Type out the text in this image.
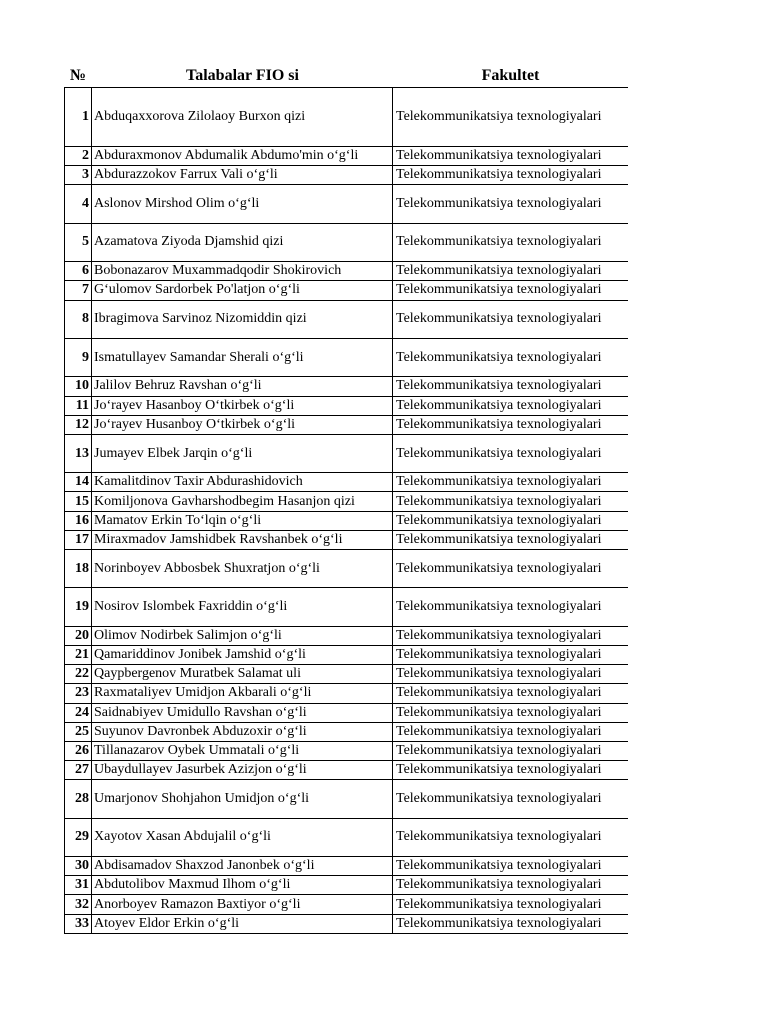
№	Talabalar FIO si	Fakultet
1 Abduqaxxorova Zilolaoy Burxon qizi	Telekommunikatsiya texnologiyalari
2 Abduraxmonov Abdumalik Abdumo'min o‘g‘li	Telekommunikatsiya texnologiyalari
3 Abdurazzokov Farrux Vali o‘g‘li	Telekommunikatsiya texnologiyalari
4 Aslonov Mirshod Olim o‘g‘li	Telekommunikatsiya texnologiyalari
5 Azamatova Ziyoda Djamshid qizi	Telekommunikatsiya texnologiyalari
6 Bobonazarov Muxammadqodir Shokirovich	Telekommunikatsiya texnologiyalari
7 G‘ulomov Sardorbek Po'latjon o‘g‘li	Telekommunikatsiya texnologiyalari
8 Ibragimova Sarvinoz Nizomiddin qizi	Telekommunikatsiya texnologiyalari
9 Ismatullayev Samandar Sherali o‘g‘li	Telekommunikatsiya texnologiyalari
10 Jalilov Behruz Ravshan o‘g‘li	Telekommunikatsiya texnologiyalari
11 Jo‘rayev Hasanboy O‘tkirbek o‘g‘li	Telekommunikatsiya texnologiyalari
12 Jo‘rayev Husanboy O‘tkirbek o‘g‘li	Telekommunikatsiya texnologiyalari
13 Jumayev Elbek Jarqin o‘g‘li	Telekommunikatsiya texnologiyalari
14 Kamalitdinov Taxir Abdurashidovich	Telekommunikatsiya texnologiyalari
15 Komiljonova Gavharshodbegim Hasanjon qizi	Telekommunikatsiya texnologiyalari
16 Mamatov Erkin To‘lqin o‘g‘li	Telekommunikatsiya texnologiyalari
17 Miraxmadov Jamshidbek Ravshanbek o‘g‘li	Telekommunikatsiya texnologiyalari
18 Norinboyev Abbosbek Shuxratjon o‘g‘li	Telekommunikatsiya texnologiyalari
19 Nosirov Islombek Faxriddin o‘g‘li	Telekommunikatsiya texnologiyalari
20 Olimov Nodirbek Salimjon o‘g‘li	Telekommunikatsiya texnologiyalari
21 Qamariddinov Jonibek Jamshid o‘g‘li	Telekommunikatsiya texnologiyalari
22 Qaypbergenov Muratbek Salamat uli	Telekommunikatsiya texnologiyalari
23 Raxmataliyev Umidjon Akbarali o‘g‘li	Telekommunikatsiya texnologiyalari
24 Saidnabiyev Umidullo Ravshan o‘g‘li	Telekommunikatsiya texnologiyalari
25 Suyunov Davronbek Abduzoxir o‘g‘li	Telekommunikatsiya texnologiyalari
26 Tillanazarov Oybek Ummatali o‘g‘li	Telekommunikatsiya texnologiyalari
27 Ubaydullayev Jasurbek Azizjon o‘g‘li	Telekommunikatsiya texnologiyalari
28 Umarjonov Shohjahon Umidjon o‘g‘li	Telekommunikatsiya texnologiyalari
29 Xayotov Xasan Abdujalil o‘g‘li	Telekommunikatsiya texnologiyalari
30 Abdisamadov Shaxzod Janonbek o‘g‘li	Telekommunikatsiya texnologiyalari
31 Abdutolibov Maxmud Ilhom o‘g‘li	Telekommunikatsiya texnologiyalari
32 Anorboyev Ramazon Baxtiyor o‘g‘li	Telekommunikatsiya texnologiyalari
33 Atoyev Eldor Erkin o‘g‘li	Telekommunikatsiya texnologiyalari
